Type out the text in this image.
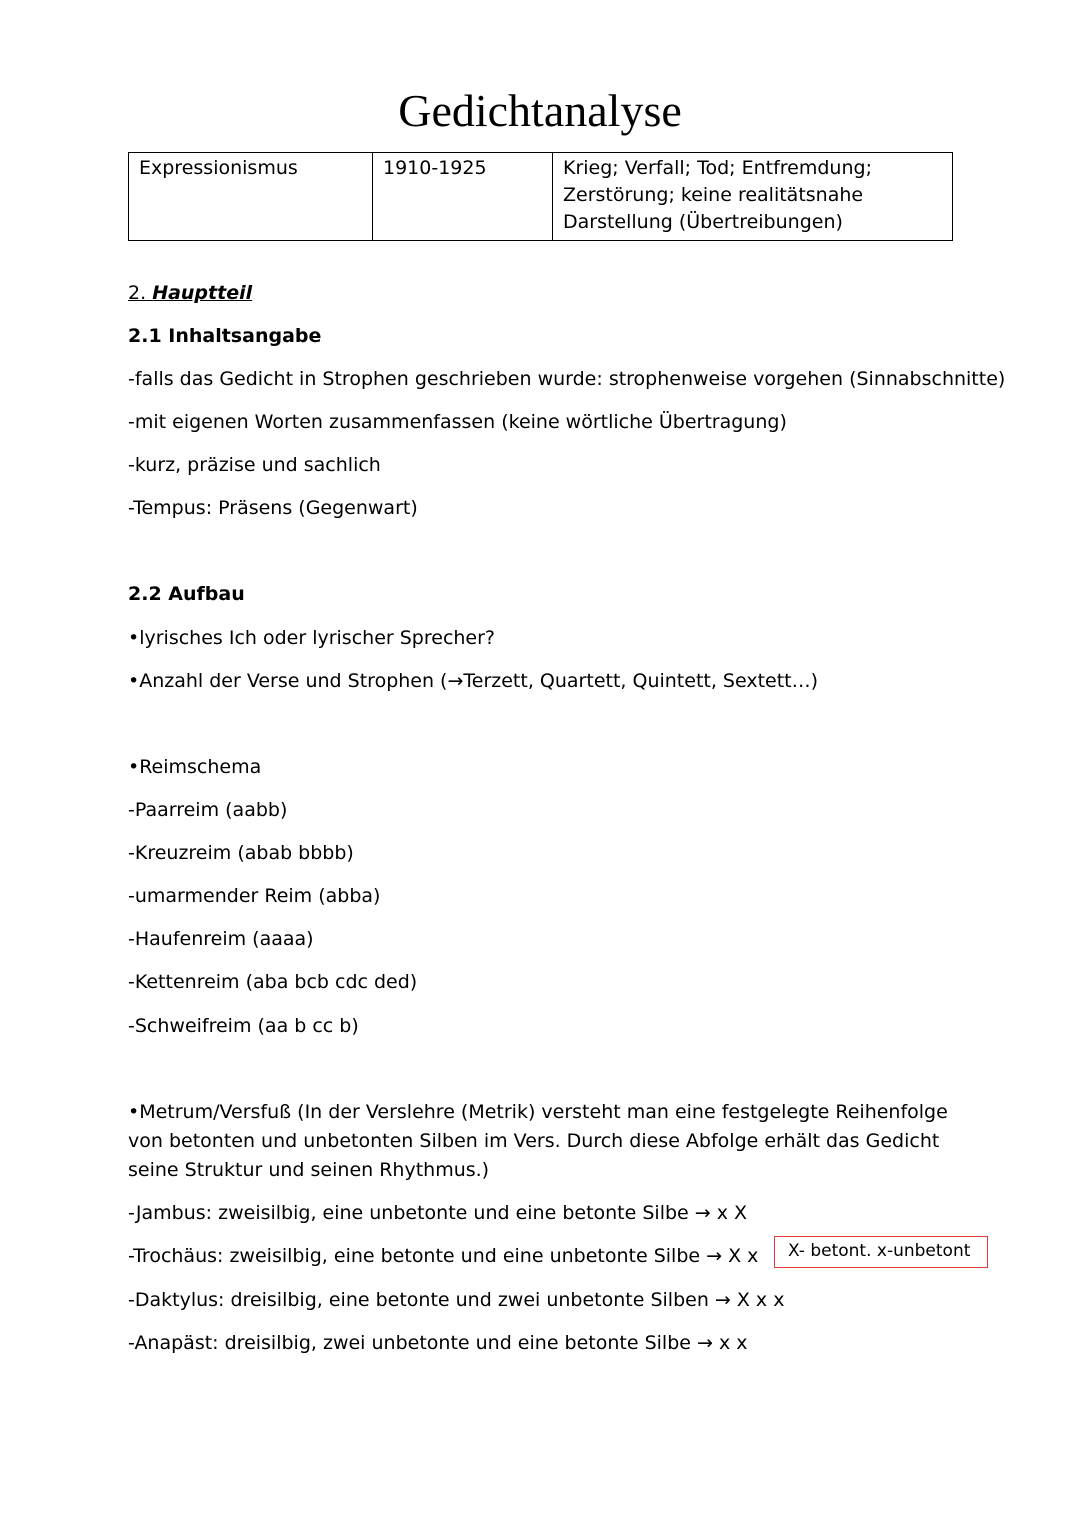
Gedichtanalyse
Expressionismus	1910-1925	Krieg; Verfall; Tod; Entfremdung;
Zerstörung; keine realitätsnahe
Darstellung (Übertreibungen)
2. Hauptteil
2.1 Inhaltsangabe
-falls das Gedicht in Strophen geschrieben wurde: strophenweise vorgehen (Sinnabschnitte)
-mit eigenen Worten zusammenfassen (keine wörtliche Übertragung)
-kurz, präzise und sachlich
-Tempus: Präsens (Gegenwart)
2.2 Aufbau
•lyrisches Ich oder lyrischer Sprecher?
•Anzahl der Verse und Strophen (→Terzett, Quartett, Quintett, Sextett…)
•Reimschema
-Paarreim (aabb)
-Kreuzreim (abab bbbb)
-umarmender Reim (abba)
-Haufenreim (aaaa)
-Kettenreim (aba bcb cdc ded)
-Schweifreim (aa b cc b)
•Metrum/Versfuß (In der Verslehre (Metrik) versteht man eine festgelegte Reihenfolge von betonten und unbetonten Silben im Vers. Durch diese Abfolge erhält das Gedicht seine Struktur und seinen Rhythmus.)
-Jambus: zweisilbig, eine unbetonte und eine betonte Silbe → x X
-Trochäus: zweisilbig, eine betonte und eine unbetonte Silbe → X x
-Daktylus: dreisilbig, eine betonte und zwei unbetonte Silben → X x x
-Anapäst: dreisilbig, zwei unbetonte und eine betonte Silbe → x x
X- betont. x-unbetont
